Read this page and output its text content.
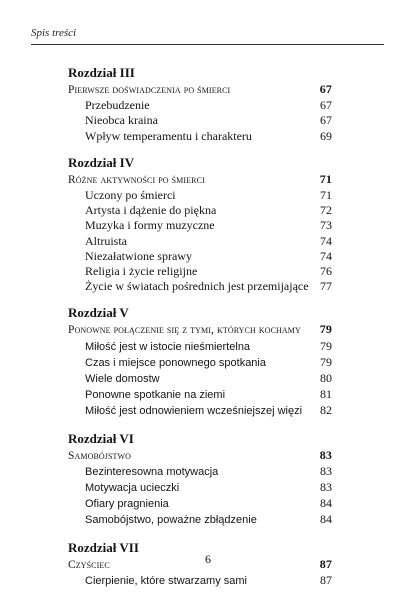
Spis treści
Rozdział III
Pierwsze doświadczenia po śmierci	67
Przebudzenie	67
Nieobca kraina	67
Wpływ temperamentu i charakteru	69
Rozdział IV
Różne aktywności po śmierci	71
Uczony po śmierci	71
Artysta i dążenie do piękna	72
Muzyka i formy muzyczne	73
Altruista	74
Niezałatwione sprawy	74
Religia i życie religijne	76
Życie w światach pośrednich jest przemijające 77
Rozdział V
Ponowne połączenie się z tymi, których kochamy 79
Miłość jest w istocie nieśmiertelna	79
Czas i miejsce ponownego spotkania	79
Wiele domostw	80
Ponowne spotkanie na ziemi	81
Miłość jest odnowieniem wcześniejszej więzi 82
Rozdział VI
Samobójstwo	83
Bezinteresowna motywacja	83
Motywacja ucieczki	83
Ofiary pragnienia	84
Samobójstwo, poważne zbłądzenie	84
Rozdział VII
Czyściec	87
Cierpienie, które stwarzamy sami	87
6
